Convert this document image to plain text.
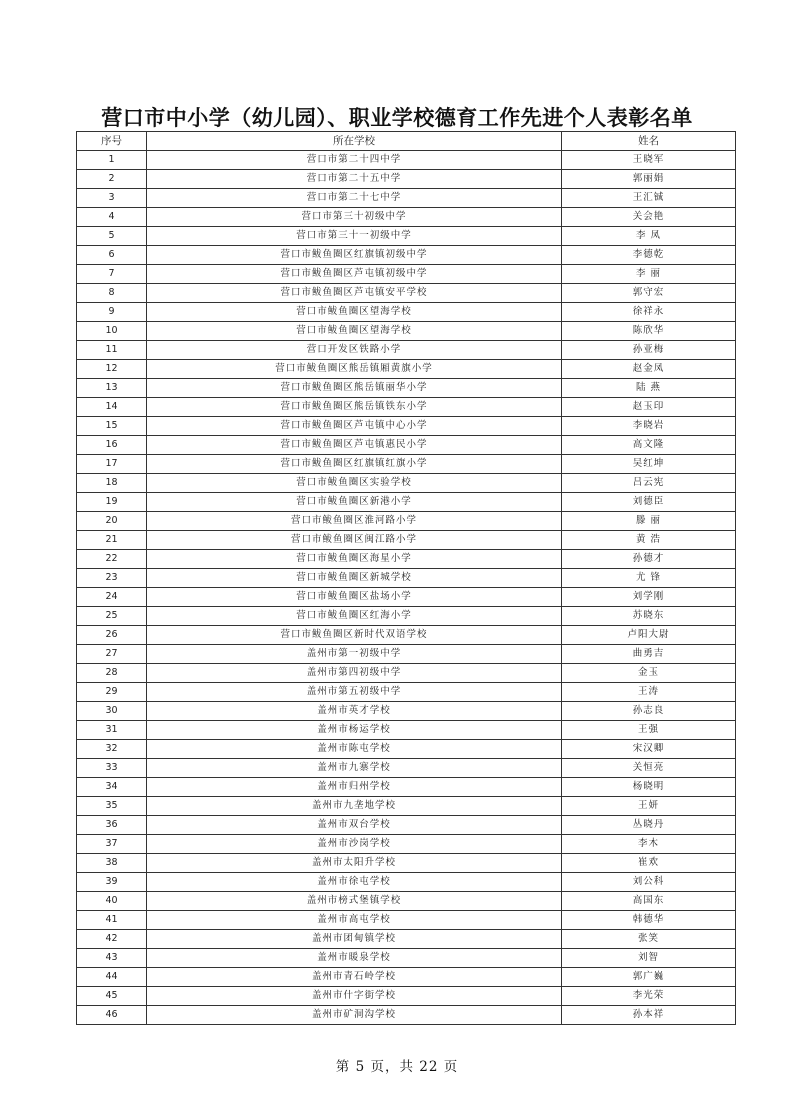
营口市中小学（幼儿园）、职业学校德育工作先进个人表彰名单
序号	所在学校	姓名
1	营口市第二十四中学	王晓军
2	营口市第二十五中学	郭丽娟
3	营口市第二十七中学	王汇铖
4	营口市第三十初级中学	关会艳
5	营口市第三十一初级中学	李 凤
6	营口市鲅鱼圈区红旗镇初级中学	李德乾
7	营口市鲅鱼圈区芦屯镇初级中学	李 丽
8	营口市鲅鱼圈区芦屯镇安平学校	郭守宏
9	营口市鲅鱼圈区望海学校	徐祥永
10	营口市鲅鱼圈区望海学校	陈欣华
11	营口开发区铁路小学	孙亚梅
12	营口市鲅鱼圈区熊岳镇厢黄旗小学	赵金凤
13	营口市鲅鱼圈区熊岳镇丽华小学	陆 燕
14	营口市鲅鱼圈区熊岳镇铁东小学	赵玉印
15	营口市鲅鱼圈区芦屯镇中心小学	李晓岩
16	营口市鲅鱼圈区芦屯镇惠民小学	高文隆
17	营口市鲅鱼圈区红旗镇红旗小学	吴红坤
18	营口市鲅鱼圈区实验学校	吕云宪
19	营口市鲅鱼圈区新港小学	刘德臣
20	营口市鲅鱼圈区淮河路小学	滕 丽
21	营口市鲅鱼圈区闽江路小学	黄 浩
22	营口市鲅鱼圈区海星小学	孙德才
23	营口市鲅鱼圈区新城学校	尤 锋
24	营口市鲅鱼圈区盐场小学	刘学刚
25	营口市鲅鱼圈区红海小学	苏晓东
26	营口市鲅鱼圈区新时代双语学校	卢阳大尉
27	盖州市第一初级中学	曲勇吉
28	盖州市第四初级中学	金玉
29	盖州市第五初级中学	王涛
30	盖州市英才学校	孙志良
31	盖州市杨运学校	王强
32	盖州市陈屯学校	宋汉卿
33	盖州市九寨学校	关恒亮
34	盖州市归州学校	杨晓明
35	盖州市九垄地学校	王妍
36	盖州市双台学校	丛晓丹
37	盖州市沙岗学校	李木
38	盖州市太阳升学校	崔欢
39	盖州市徐屯学校	刘公科
40	盖州市榜式堡镇学校	高国东
41	盖州市高屯学校	韩德华
42	盖州市团甸镇学校	张笑
43	盖州市暖泉学校	刘智
44	盖州市青石岭学校	郭广巍
45	盖州市什字街学校	李光荣
46	盖州市矿洞沟学校	孙本祥
第 5 页，共 22 页
